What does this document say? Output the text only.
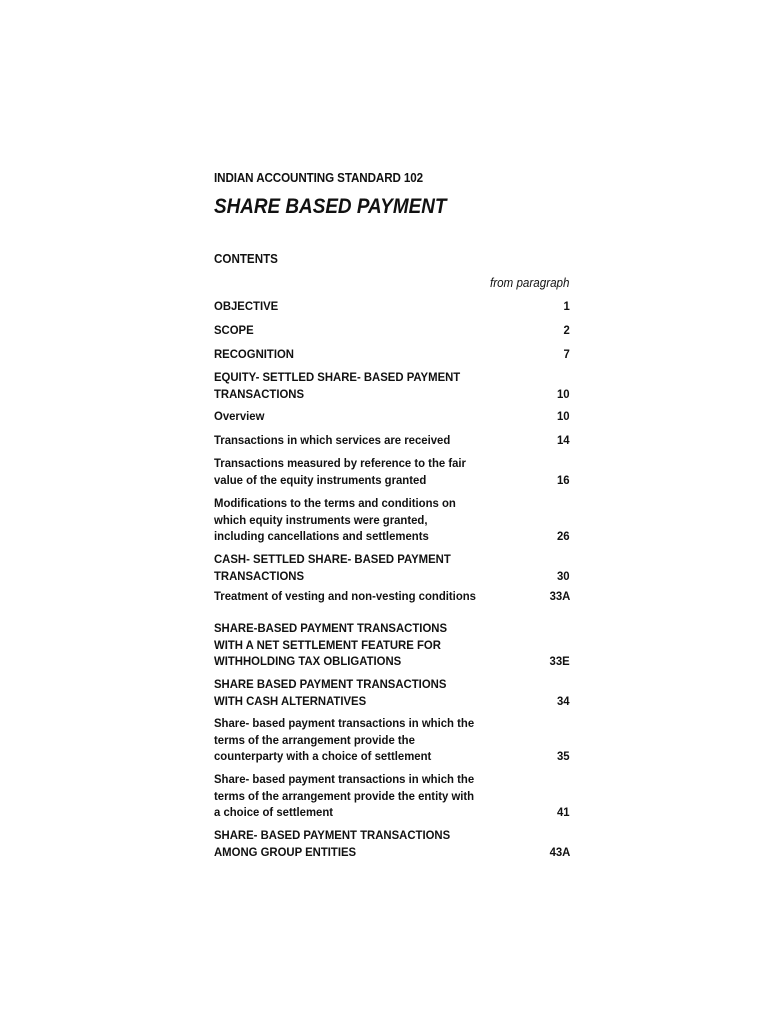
INDIAN ACCOUNTING STANDARD 102
SHARE BASED PAYMENT
CONTENTS
from paragraph
OBJECTIVE	1
SCOPE	2
RECOGNITION	7
EQUITY- SETTLED SHARE- BASED PAYMENT
TRANSACTIONS	10
Overview	10
Transactions in which services are received	14
Transactions measured by reference to the fair
value of the equity instruments granted	16
Modifications to the terms and conditions on
which equity instruments were granted,
including cancellations and settlements	26
CASH- SETTLED SHARE- BASED PAYMENT
TRANSACTIONS	30
Treatment of vesting and non-vesting conditions	33A
SHARE-BASED PAYMENT TRANSACTIONS
WITH A NET SETTLEMENT FEATURE FOR
WITHHOLDING TAX OBLIGATIONS	33E
SHARE BASED PAYMENT TRANSACTIONS
WITH CASH ALTERNATIVES	34
Share- based payment transactions in which the
terms of the arrangement provide the
counterparty with a choice of settlement	35
Share- based payment transactions in which the
terms of the arrangement provide the entity with
a choice of settlement	41
SHARE- BASED PAYMENT TRANSACTIONS
AMONG GROUP ENTITIES	43A
